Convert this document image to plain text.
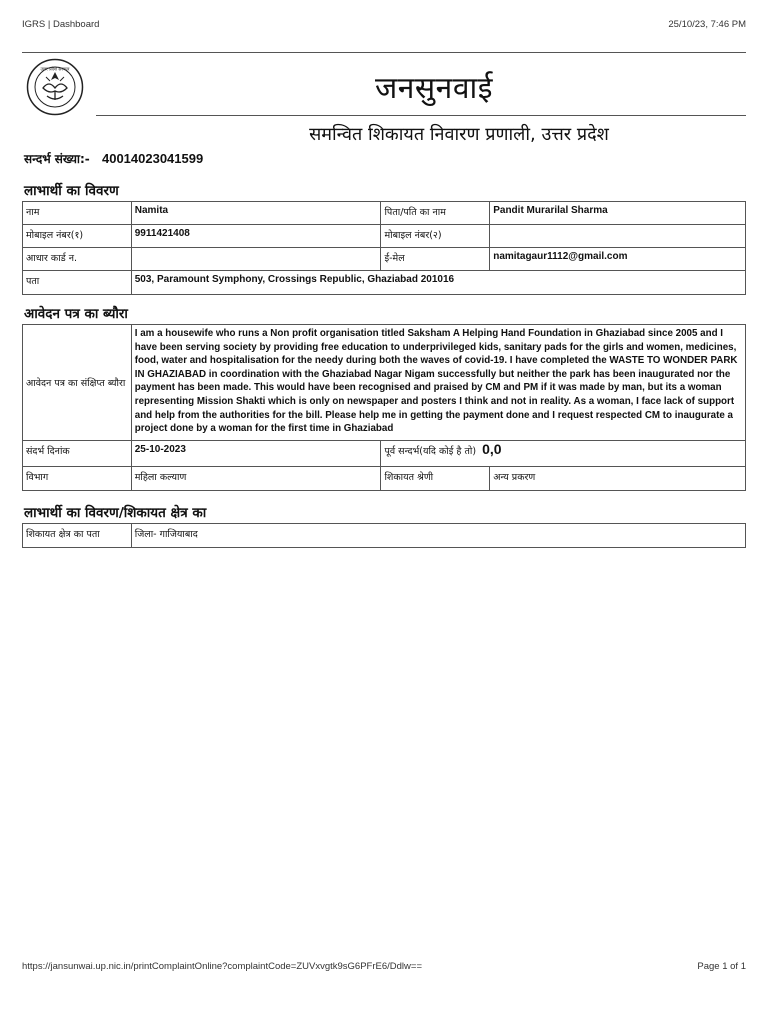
IGRS | Dashboard	25/10/23, 7:46 PM
उत्तर प्रदेश सरकार
जनसुनवाई
समन्वित शिकायत निवारण प्रणाली, उत्तर प्रदेश
सन्दर्भ संख्या:- 40014023041599
लाभार्थी का विवरण
नाम	Namita	पिता/पति का नाम	Pandit Murarilal Sharma
मोबाइल नंबर(१)	9911421408	मोबाइल नंबर(२)	
आधार कार्ड न.		ई-मेल	namitagaur1112@gmail.com
पता	503, Paramount Symphony, Crossings Republic, Ghaziabad 201016		
आवेदन पत्र का ब्यौरा
आवेदन पत्र का संक्षिप्त ब्यौरा	I am a housewife who runs a Non profit organisation titled Saksham A Helping Hand Foundation in Ghaziabad since 2005 and I have been serving society by providing free education to underprivileged kids, sanitary pads for the girls and women, medicines, food, water and hospitalisation for the needy during both the waves of covid-19. I have completed the WASTE TO WONDER PARK IN GHAZIABAD in coordination with the Ghaziabad Nagar Nigam successfully but neither the park has been inaugurated nor the payment has been made. This would have been recognised and praised by CM and PM if it was made by man, but its a woman representing Mission Shakti which is only on newspaper and posters I think and not in reality. As a woman, I face lack of support and help from the authorities for the bill. Please help me in getting the payment done and I request respected CM to inaugurate a project done by a woman for the first time in Ghaziabad		
संदर्भ दिनांक	25-10-2023	पूर्व सन्दर्भ(यदि कोई है तो) 0,0	
विभाग	महिला कल्याण	शिकायत श्रेणी	अन्य प्रकरण
लाभार्थी का विवरण/शिकायत क्षेत्र का
शिकायत क्षेत्र का पता	जिला- गाजियाबाद
https://jansunwai.up.nic.in/printComplaintOnline?complaintCode=ZUVxvgtk9sG6PFrE6/Ddlw==	Page 1 of 1
